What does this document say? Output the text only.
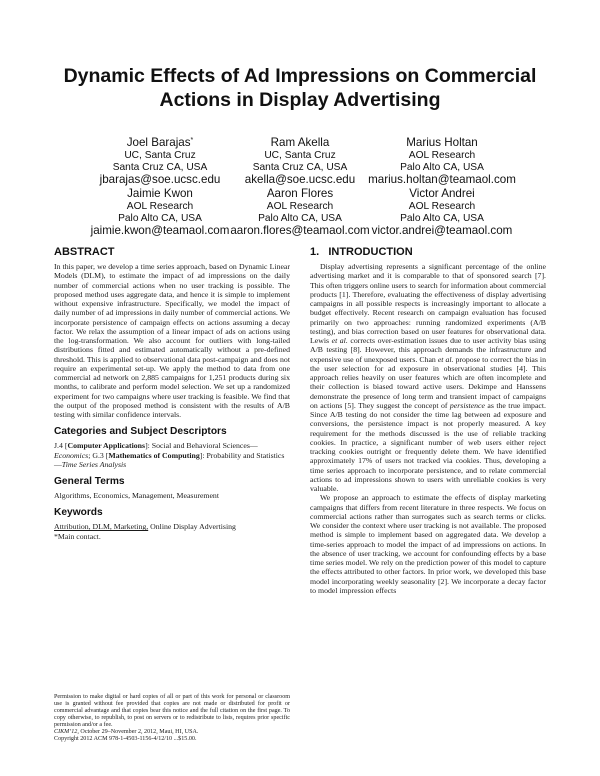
Dynamic Effects of Ad Impressions on Commercial
Actions in Display Advertising
Joel Barajas*
UC, Santa Cruz
Santa Cruz CA, USA
jbarajas@soe.ucsc.edu
Ram Akella
UC, Santa Cruz
Santa Cruz CA, USA
akella@soe.ucsc.edu
Marius Holtan
AOL Research
Palo Alto CA, USA
marius.holtan@teamaol.com
Jaimie Kwon
AOL Research
Palo Alto CA, USA
jaimie.kwon@teamaol.com
Aaron Flores
AOL Research
Palo Alto CA, USA
aaron.flores@teamaol.com
Victor Andrei
AOL Research
Palo Alto CA, USA
victor.andrei@teamaol.com
ABSTRACT
In this paper, we develop a time series approach, based on Dynamic Linear Models (DLM), to estimate the impact of ad impressions on the daily number of commercial actions when no user tracking is possible. The proposed method uses aggregate data, and hence it is simple to implement without expensive infrastructure. Specifically, we model the impact of daily number of ad impressions in daily number of commercial actions. We incorporate persistence of campaign effects on actions assuming a decay factor. We relax the assumption of a linear impact of ads on actions using the log-transformation. We also account for outliers with long-tailed distributions fitted and estimated automatically without a pre-defined threshold. This is applied to observational data post-campaign and does not require an experimental set-up. We apply the method to data from one commercial ad network on 2,885 campaigns for 1,251 products during six months, to calibrate and perform model selection. We set up a randomized experiment for two campaigns where user tracking is feasible. We find that the output of the proposed method is consistent with the results of A/B testing with similar confidence intervals.
Categories and Subject Descriptors
J.4 [Computer Applications]: Social and Behavioral Sciences—Economics; G.3 [Mathematics of Computing]: Probability and Statistics—Time Series Analysis
General Terms
Algorithms, Economics, Management, Measurement
Keywords
Attribution, DLM, Marketing, Online Display Advertising
*Main contact.

Permission to make digital or hard copies of all or part of this work for personal or classroom use is granted without fee provided that copies are not made or distributed for profit or commercial advantage and that copies bear this notice and the full citation on the first page. To copy otherwise, to republish, to post on servers or to redistribute to lists, requires prior specific permission and/or a fee.

CIKM’12, October 29–November 2, 2012, Maui, HI, USA.

Copyright 2012 ACM 978-1-4503-1156-4/12/10 ...$15.00.

1.   INTRODUCTION

Display advertising represents a significant percentage of the online advertising market and it is comparable to that of sponsored search [7]. This often triggers online users to search for information about commercial products [1]. Therefore, evaluating the effectiveness of display advertising campaigns in all possible respects is increasingly important to allocate a budget effectively. Recent research on campaign evaluation has focused primarily on two approaches: running randomized experiments (A/B testing), and bias correction based on user features for observational data. Lewis et al. corrects over-estimation issues due to user activity bias using A/B testing [8]. However, this approach demands the infrastructure and expensive use of unexposed users. Chan et al. propose to correct the bias in the user selection for ad exposure in observational studies [4]. This approach relies heavily on user features which are often incomplete and their collection is biased toward active users. Dekimpe and Hanssens demonstrate the presence of long term and transient impact of campaigns on actions [5]. They suggest the concept of persistence as the true impact. Since A/B testing do not consider the time lag between ad exposure and conversions, the persistence impact is not properly measured. A key requirement for the methods discussed is the use of reliable tracking cookies. In practice, a significant number of web users either reject tracking cookies outright or frequently delete them. We have identified approximately 17% of users not tracked via cookies. Thus, developing a time series approach to incorporate persistence, and to relate commercial actions to ad impressions shown to users with unreliable cookies is very valuable.

We propose an approach to estimate the effects of display marketing campaigns that differs from recent literature in three respects. We focus on commercial actions rather than surrogates such as search terms or clicks. We consider the context where user tracking is not available. The proposed method is simple to implement based on aggregated data. We develop a time-series approach to model the impact of ad impressions on actions. In the absence of user tracking, we account for confounding effects by a base time series model. We rely on the prediction power of this model to capture the effects attributed to other factors. In prior work, we developed this base model incorporating weekly seasonality [2]. We incorporate a decay factor to model impression effects
